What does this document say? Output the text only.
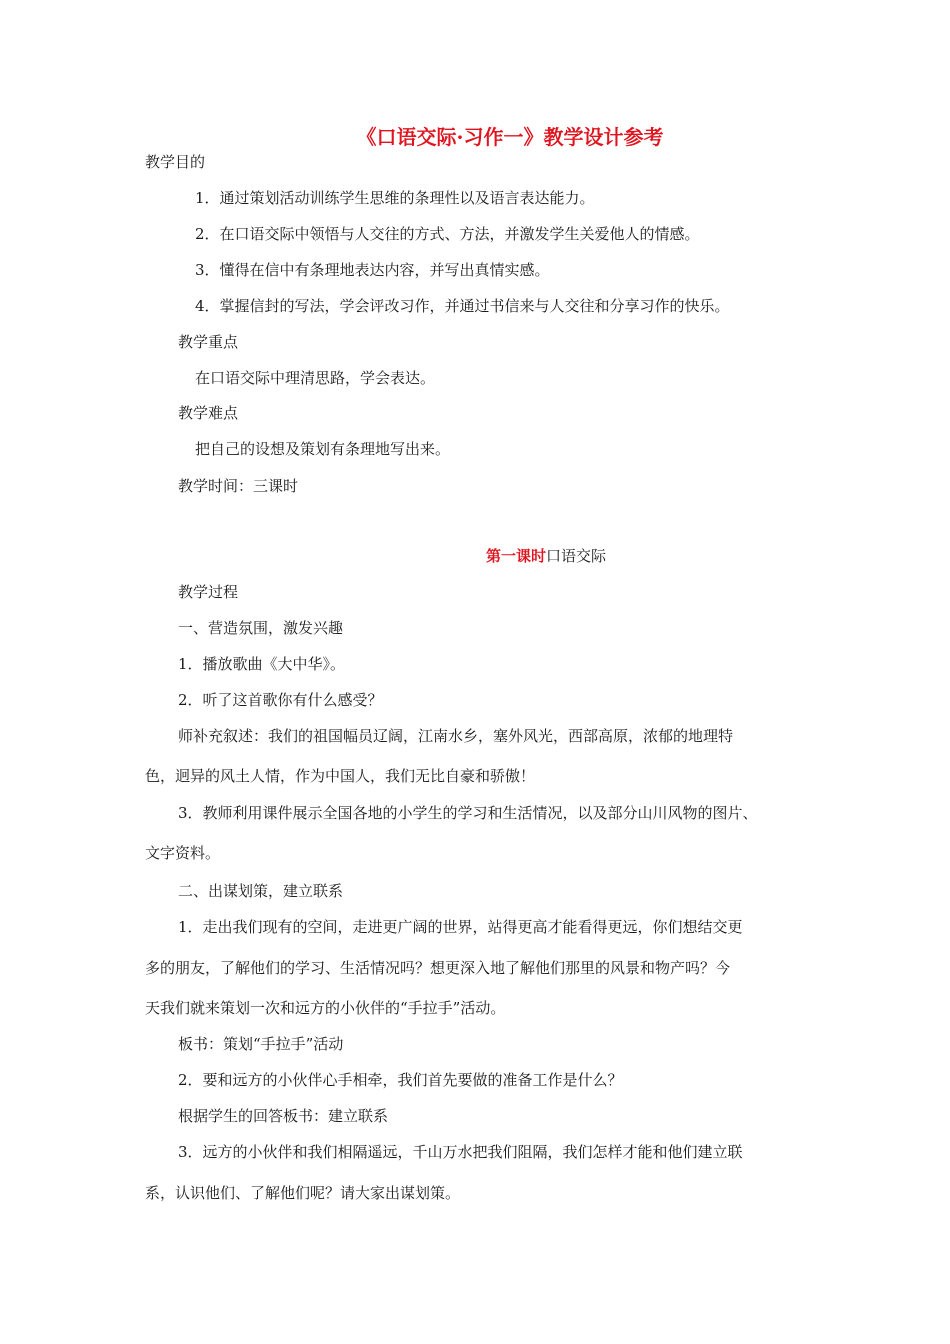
《口语交际·习作一》教学设计参考
教学目的
1．通过策划活动训练学生思维的条理性以及语言表达能力。
2．在口语交际中领悟与人交往的方式、方法，并激发学生关爱他人的情感。
3．懂得在信中有条理地表达内容，并写出真情实感。
4．掌握信封的写法，学会评改习作，并通过书信来与人交往和分享习作的快乐。
教学重点
在口语交际中理清思路，学会表达。
教学难点
把自己的设想及策划有条理地写出来。
教学时间：三课时
第一课时口语交际
教学过程
一、营造氛围，激发兴趣
1．播放歌曲《大中华》。
2．听了这首歌你有什么感受？
师补充叙述：我们的祖国幅员辽阔，江南水乡，塞外风光，西部高原，浓郁的地理特
色，迥异的风土人情，作为中国人，我们无比自豪和骄傲！
3．教师利用课件展示全国各地的小学生的学习和生活情况，以及部分山川风物的图片、
文字资料。
二、出谋划策，建立联系
1．走出我们现有的空间，走进更广阔的世界，站得更高才能看得更远，你们想结交更
多的朋友，了解他们的学习、生活情况吗？想更深入地了解他们那里的风景和物产吗？今
天我们就来策划一次和远方的小伙伴的“手拉手”活动。
板书：策划“手拉手”活动
2．要和远方的小伙伴心手相牵，我们首先要做的准备工作是什么？
根据学生的回答板书：建立联系
3．远方的小伙伴和我们相隔遥远，千山万水把我们阻隔，我们怎样才能和他们建立联
系，认识他们、了解他们呢？请大家出谋划策。
